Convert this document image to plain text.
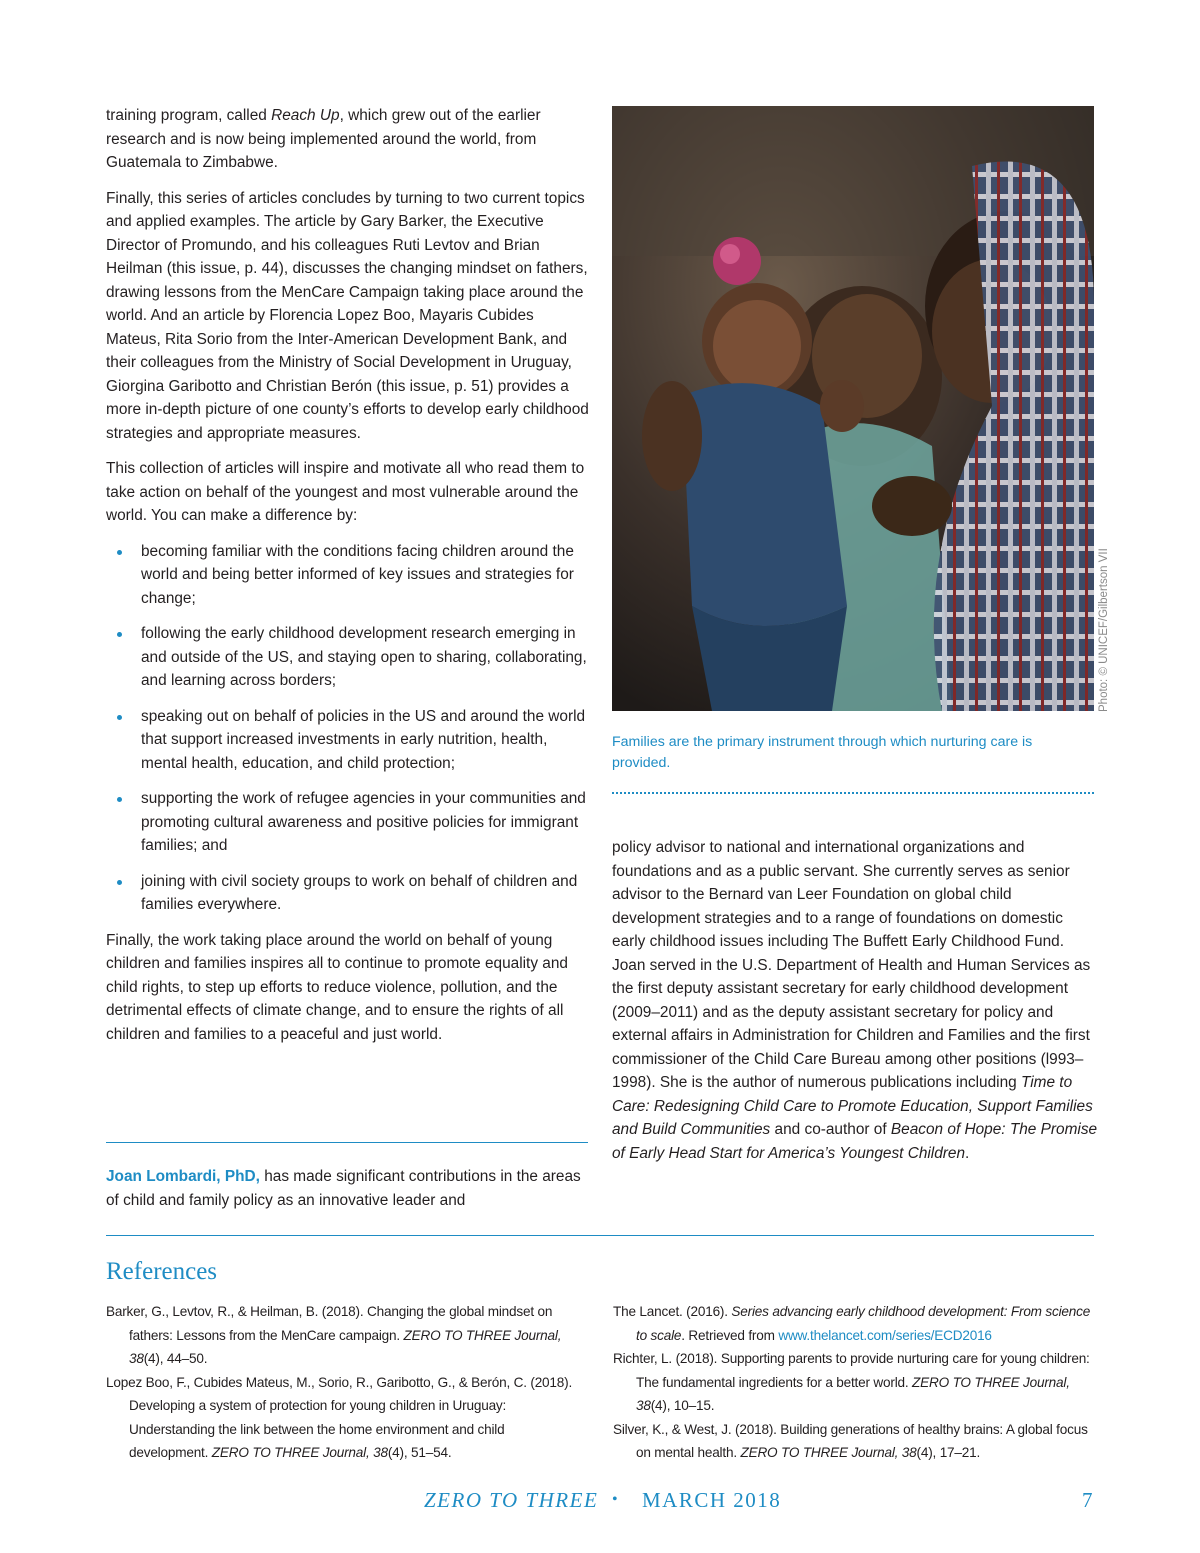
training program, called Reach Up, which grew out of the earlier research and is now being implemented around the world, from Guatemala to Zimbabwe.

Finally, this series of articles concludes by turning to two current topics and applied examples. The article by Gary Barker, the Executive Director of Promundo, and his colleagues Ruti Levtov and Brian Heilman (this issue, p. 44), discusses the changing mindset on fathers, drawing lessons from the MenCare Campaign taking place around the world. And an article by Florencia Lopez Boo, Mayaris Cubides Mateus, Rita Sorio from the Inter-American Development Bank, and their colleagues from the Ministry of Social Development in Uruguay, Giorgina Garibotto and Christian Berón (this issue, p. 51) provides a more in-depth picture of one county’s efforts to develop early childhood strategies and appropriate measures.

This collection of articles will inspire and motivate all who read them to take action on behalf of the youngest and most vulnerable around the world. You can make a difference by:

becoming familiar with the conditions facing children around the world and being better informed of key issues and strategies for change;
following the early childhood development research emerging in and outside of the US, and staying open to sharing, collaborating, and learning across borders;
speaking out on behalf of policies in the US and around the world that support increased investments in early nutrition, health, mental health, education, and child protection;
supporting the work of refugee agencies in your communities and promoting cultural awareness and positive policies for immigrant families; and
joining with civil society groups to work on behalf of children and families everywhere.

Finally, the work taking place around the world on behalf of young children and families inspires all to continue to promote equality and child rights, to step up efforts to reduce violence, pollution, and the detrimental effects of climate change, and to ensure the rights of all children and families to a peaceful and just world.

Joan Lombardi, PhD, has made significant contributions in the areas of child and family policy as an innovative leader and

Photo: © UNICEF/Gilbertson VII
Families are the primary instrument through which nurturing care is provided.

policy advisor to national and international organizations and foundations and as a public servant. She currently serves as senior advisor to the Bernard van Leer Foundation on global child development strategies and to a range of foundations on domestic early childhood issues including The Buffett Early Childhood Fund. Joan served in the U.S. Department of Health and Human Services as the first deputy assistant secretary for early childhood development (2009–2011) and as the deputy assistant secretary for policy and external affairs in Administration for Children and Families and the first commissioner of the Child Care Bureau among other positions (l993–1998). She is the author of numerous publications including Time to Care: Redesigning Child Care to Promote Education, Support Families and Build Communities and co-author of Beacon of Hope: The Promise of Early Head Start for America’s Youngest Children.

References

Barker, G., Levtov, R., & Heilman, B. (2018). Changing the global mindset on fathers: Lessons from the MenCare campaign. ZERO TO THREE Journal, 38(4), 44–50.

Lopez Boo, F., Cubides Mateus, M., Sorio, R., Garibotto, G., & Berón, C. (2018). Developing a system of protection for young children in Uruguay: Understanding the link between the home environment and child development. ZERO TO THREE Journal, 38(4), 51–54.

The Lancet. (2016). Series advancing early childhood development: From science to scale. Retrieved from www.thelancet.com/series/ECD2016

Richter, L. (2018). Supporting parents to provide nurturing care for young children: The fundamental ingredients for a better world. ZERO TO THREE Journal, 38(4), 10–15.

Silver, K., & West, J. (2018). Building generations of healthy brains: A global focus on mental health. ZERO TO THREE Journal, 38(4), 17–21.

ZERO TO THREE • MARCH 2018	7
